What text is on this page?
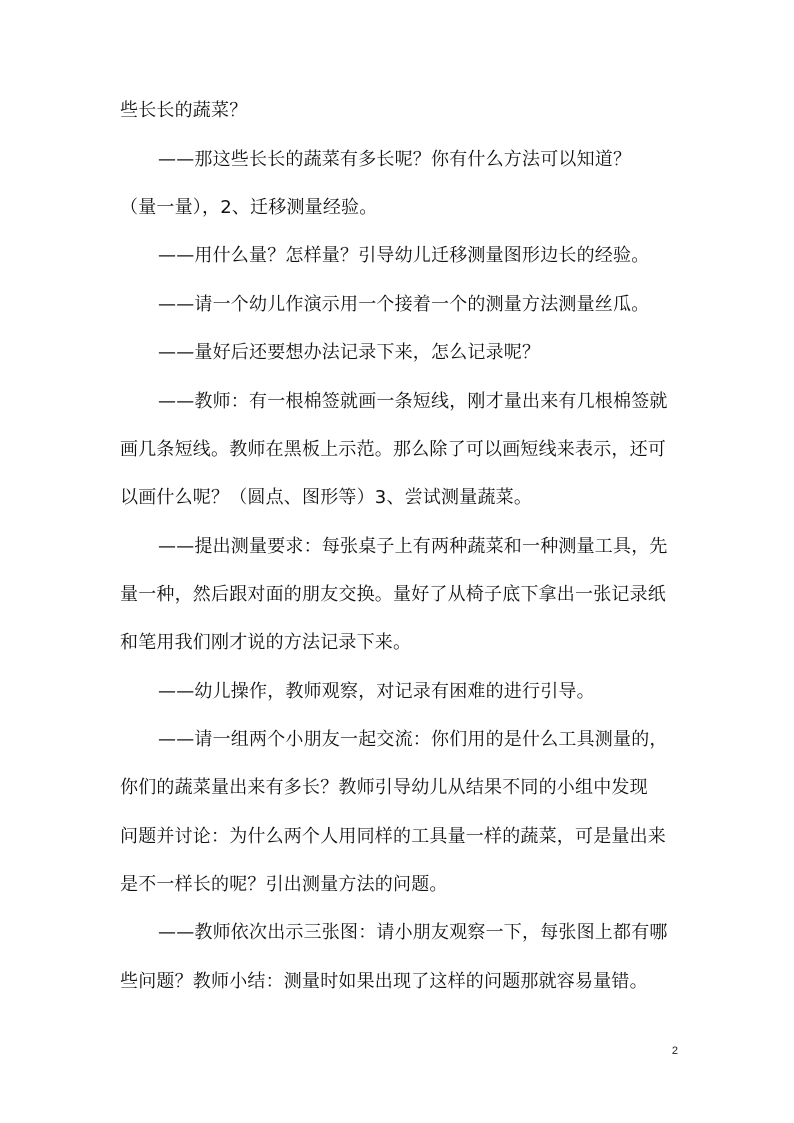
些长长的蔬菜？
——那这些长长的蔬菜有多长呢？你有什么方法可以知道？
（量一量），2、迁移测量经验。
——用什么量？怎样量？引导幼儿迁移测量图形边长的经验。
——请一个幼儿作演示用一个接着一个的测量方法测量丝瓜。
——量好后还要想办法记录下来，怎么记录呢？
——教师：有一根棉签就画一条短线，刚才量出来有几根棉签就
画几条短线。教师在黑板上示范。那么除了可以画短线来表示，还可
以画什么呢？（圆点、图形等）3、尝试测量蔬菜。
——提出测量要求：每张桌子上有两种蔬菜和一种测量工具，先
量一种，然后跟对面的朋友交换。量好了从椅子底下拿出一张记录纸
和笔用我们刚才说的方法记录下来。
——幼儿操作，教师观察，对记录有困难的进行引导。
——请一组两个小朋友一起交流：你们用的是什么工具测量的，
你们的蔬菜量出来有多长？教师引导幼儿从结果不同的小组中发现
问题并讨论：为什么两个人用同样的工具量一样的蔬菜，可是量出来
是不一样长的呢？引出测量方法的问题。
——教师依次出示三张图：请小朋友观察一下，每张图上都有哪
些问题？教师小结：测量时如果出现了这样的问题那就容易量错。
2
